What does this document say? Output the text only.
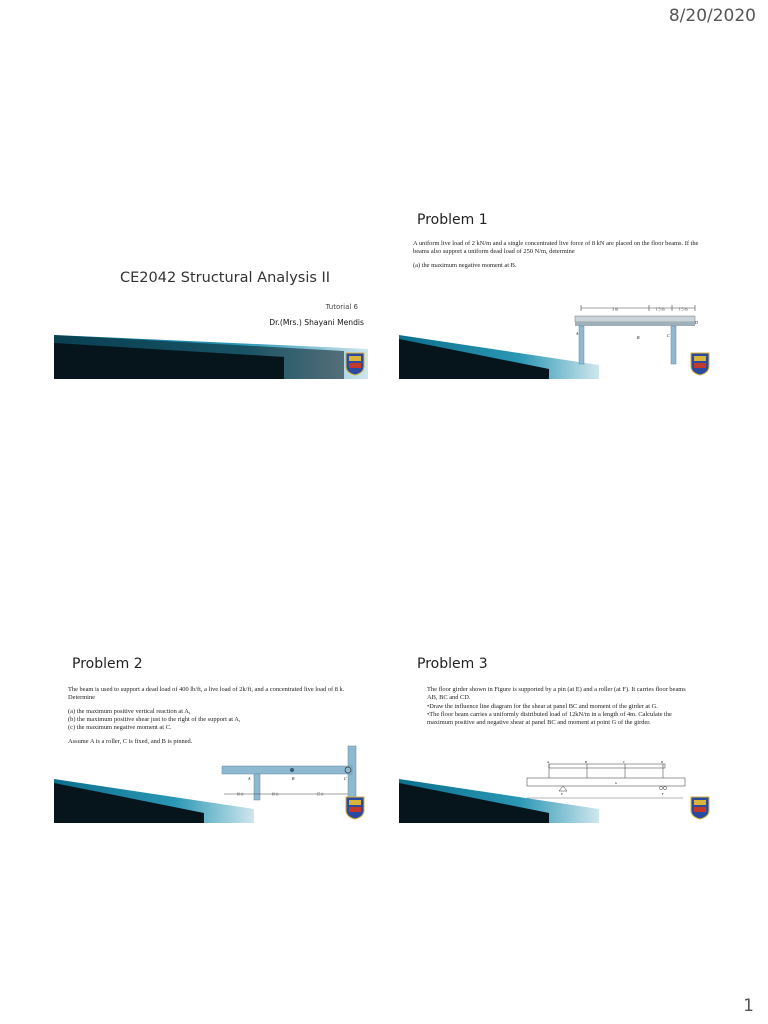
8/20/2020
CE2042 Structural Analysis II
Tutorial 6
Dr.(Mrs.) Shayani Mendis
Problem 1

A uniform live load of 2 kN/m and a single concentrated live force of 8 kN are placed on the floor beams. If the beams also support a uniform dead load of 250 N/m, determine

(a) the maximum negative moment at B.

3 m	1.5 m	1.5 m
A
B	C
D
Problem 2

The beam is used to support a dead load of 400 lb/ft, a live load of 2k/ft, and a concentrated live load of 8 k. Determine

(a) the maximum positive vertical reaction at A,

(b) the maximum positive shear just to the right of the support at A,

(c) the maximum negative moment at C.

Assume A is a roller, C is fixed, and B is pinned.

A	B	C
10 ft	10 ft	15 ft
Problem 3

The floor girder shown in Figure is supported by a pin (at E) and a roller (at F). It carries floor beams AB, BC and CD.

•Draw the influence line diagram for the shear at panel BC and moment of the girder at G.

•The floor beam carries a uniformly distributed load of 12kN/m in a length of 4m. Calculate the maximum positive and negative shear at panel BC and moment at point G of the girder.

A	B	C	D
E	F
G
1
